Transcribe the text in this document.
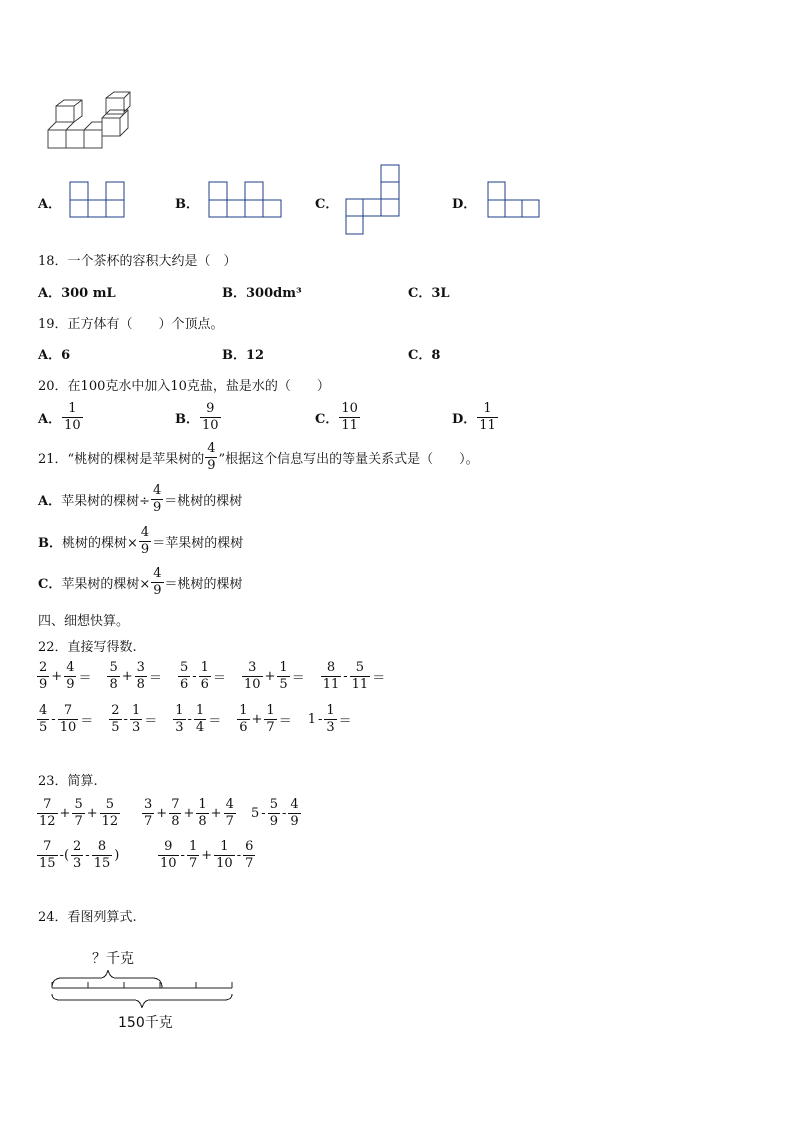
A．	B．	C．	D．
18．一个茶杯的容积大约是（　）
A．300 mL	B．300dm³	C．3L
19．正方体有（　　）个顶点。
A．6	B．12	C．8
20．在100克水中加入10克盐，盐是水的（　　）
A． $\frac{1}{10}$	B． $\frac{9}{10}$	C． $\frac{10}{11}$	D． $\frac{1}{11}$
21．“桃树的棵树是苹果树的 $\frac{4}{9}$ ”根据这个信息写出的等量关系式是（　　）。
A． 苹果树的棵树÷ $\frac{4}{9}$ ＝桃树的棵树
B． 桃树的棵树× $\frac{4}{9}$ ＝苹果树的棵树
C． 苹果树的棵树× $\frac{4}{9}$ ＝桃树的棵树
四、细想快算。
22．直接写得数.
$\frac{2}{9} + \frac{4}{9} = \frac{5}{8} + \frac{3}{8} = \frac{5}{6} - \frac{1}{6} = \frac{3}{10} + \frac{1}{5} = \frac{8}{11} - \frac{5}{11}$ ＝
$\frac{4}{5} - \frac{7}{10} = \frac{2}{5} - \frac{1}{3} = \frac{1}{3} - \frac{1}{4} = \frac{1}{6} + \frac{1}{7} = 1 - \frac{1}{3}$ ＝
23．简算.
$\frac{7}{12} + \frac{5}{7} + \frac{5}{12} \frac{3}{7} + \frac{7}{8} + \frac{1}{8} + \frac{4}{7} 5 - \frac{5}{9} - \frac{4}{9}$
$\frac{7}{15}$ -( $\frac{2}{3} - \frac{8}{15}$ )	$\frac{9}{10} - \frac{1}{7} + \frac{1}{10} - \frac{6}{7}$
24．看图列算式.
？千克
150千克
